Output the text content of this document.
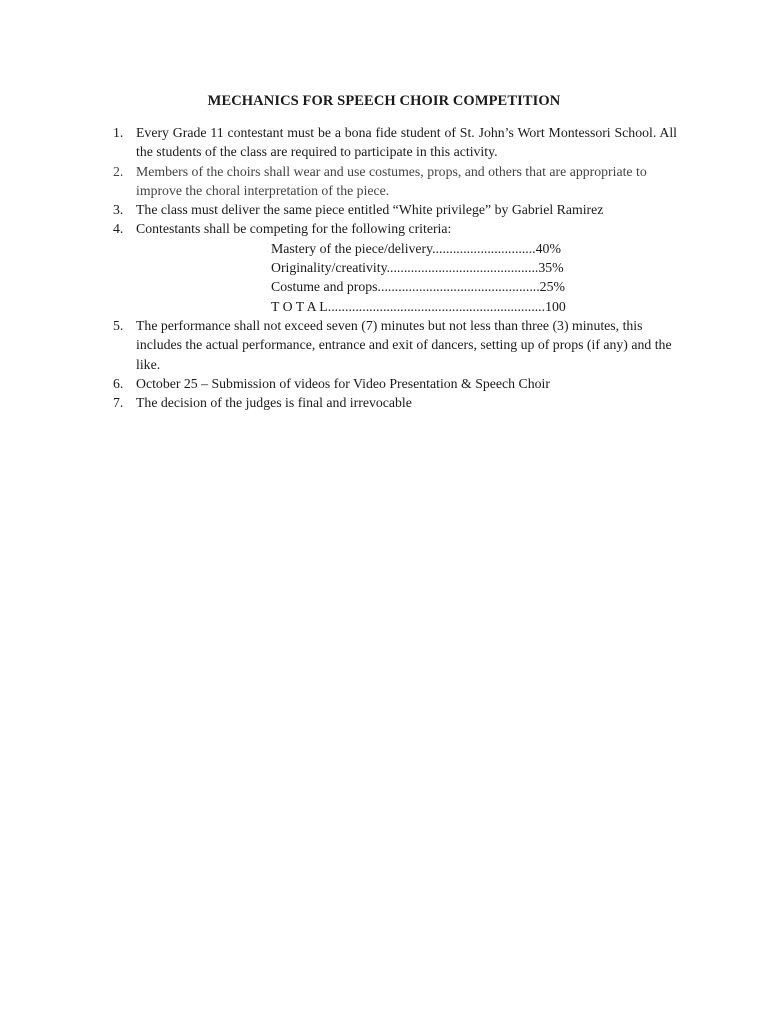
MECHANICS FOR SPEECH CHOIR COMPETITION
1. Every Grade 11 contestant must be a bona fide student of St. John’s Wort Montessori School. All the students of the class are required to participate in this activity.
2. Members of the choirs shall wear and use costumes, props, and others that are appropriate to improve the choral interpretation of the piece.
3. The class must deliver the same piece entitled “White privilege” by Gabriel Ramirez
4. Contestants shall be competing for the following criteria:
Mastery of the piece/delivery..............................40%
Originality/creativity............................................35%
Costume and props...............................................25%
T O T A L...............................................................100
5. The performance shall not exceed seven (7) minutes but not less than three (3) minutes, this includes the actual performance, entrance and exit of dancers, setting up of props (if any) and the like.
6. October 25 – Submission of videos for Video Presentation & Speech Choir
7. The decision of the judges is final and irrevocable
